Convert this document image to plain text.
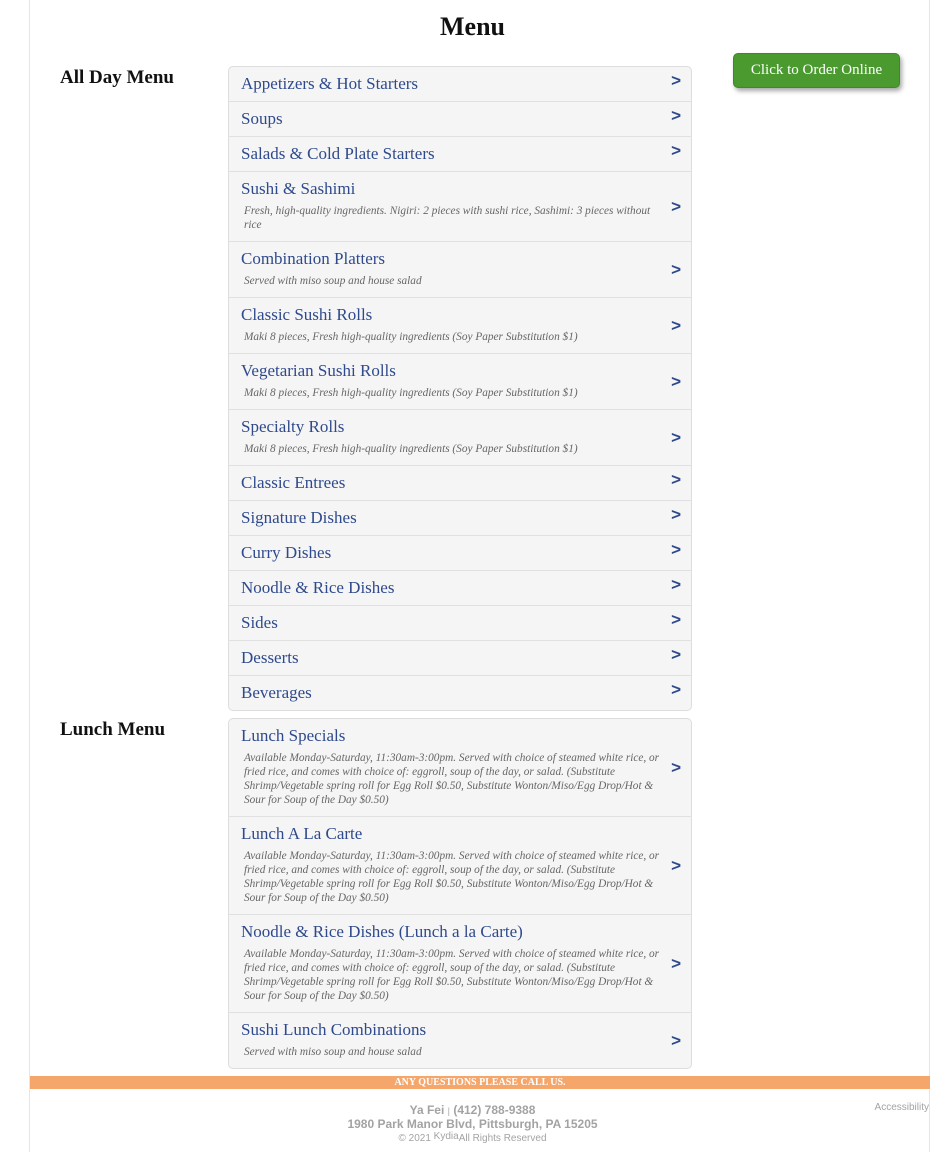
Menu
Click to Order Online
All Day Menu	Appetizers & Hot Starters	>
Soups	>
Salads & Cold Plate Starters	>
Sushi & Sashimi
Fresh, high-quality ingredients. Nigiri: 2 pieces with sushi rice, Sashimi: 3 pieces without rice
>
Combination Platters
Served with miso soup and house salad
>
Classic Sushi Rolls
Maki 8 pieces, Fresh high-quality ingredients (Soy Paper Substitution $1)
>
Vegetarian Sushi Rolls
Maki 8 pieces, Fresh high-quality ingredients (Soy Paper Substitution $1)
>
Specialty Rolls
Maki 8 pieces, Fresh high-quality ingredients (Soy Paper Substitution $1)
>
Classic Entrees	>
Signature Dishes	>
Curry Dishes	>
Noodle & Rice Dishes	>
Sides	>
Desserts	>
Beverages	>
Lunch Menu	Lunch Specials
Available Monday-Saturday, 11:30am-3:00pm. Served with choice of steamed white rice, or fried rice, and comes with choice of: eggroll, soup of the day, or salad. (Substitute Shrimp/Vegetable spring roll for Egg Roll $0.50, Substitute Wonton/Miso/Egg Drop/Hot & Sour for Soup of the Day $0.50)
>
Lunch A La Carte
Available Monday-Saturday, 11:30am-3:00pm. Served with choice of steamed white rice, or fried rice, and comes with choice of: eggroll, soup of the day, or salad. (Substitute Shrimp/Vegetable spring roll for Egg Roll $0.50, Substitute Wonton/Miso/Egg Drop/Hot & Sour for Soup of the Day $0.50)
>
Noodle & Rice Dishes (Lunch a la Carte)
Available Monday-Saturday, 11:30am-3:00pm. Served with choice of steamed white rice, or fried rice, and comes with choice of: eggroll, soup of the day, or salad. (Substitute Shrimp/Vegetable spring roll for Egg Roll $0.50, Substitute Wonton/Miso/Egg Drop/Hot & Sour for Soup of the Day $0.50)
>
Sushi Lunch Combinations
Served with miso soup and house salad
>
ANY QUESTIONS PLEASE CALL US.
Ya Fei | (412) 788-9388
1980 Park Manor Blvd, Pittsburgh, PA 15205
© 2021 KydiaAll Rights Reserved
Accessibility
